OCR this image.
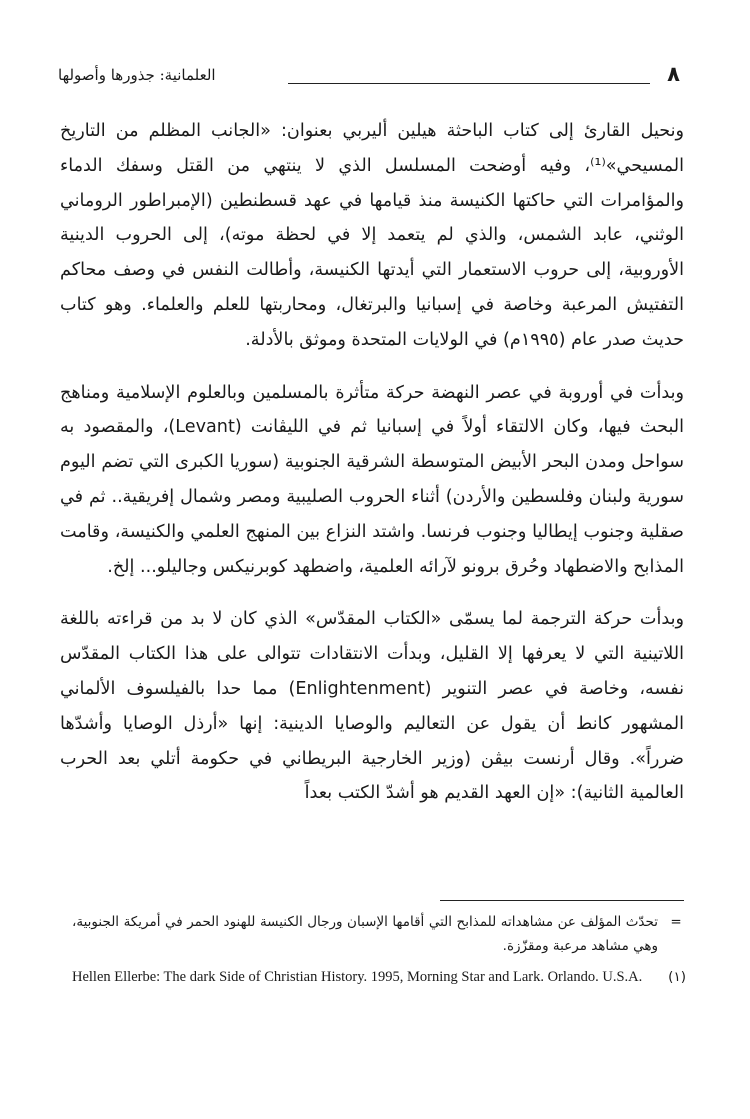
٨
العلمانية: جذورها وأصولها

ونحيل القارئ إلى كتاب الباحثة هيلين أليربي بعنوان: «الجانب المظلم من التاريخ المسيحي»⁽¹⁾، وفيه أوضحت المسلسل الذي لا ينتهي من القتل وسفك الدماء والمؤامرات التي حاكتها الكنيسة منذ قيامها في عهد قسطنطين (الإمبراطور الروماني الوثني، عابد الشمس، والذي لم يتعمد إلا في لحظة موته)، إلى الحروب الدينية الأوروبية، إلى حروب الاستعمار التي أيدتها الكنيسة، وأطالت النفس في وصف محاكم التفتيش المرعبة وخاصة في إسبانيا والبرتغال، ومحاربتها للعلم والعلماء. وهو كتاب حديث صدر عام (١٩٩٥م) في الولايات المتحدة وموثق بالأدلة.

وبدأت في أوروبة في عصر النهضة حركة متأثرة بالمسلمين وبالعلوم الإسلامية ومناهج البحث فيها، وكان الالتقاء أولاً في إسبانيا ثم في الليڤانت (Levant)، والمقصود به سواحل ومدن البحر الأبيض المتوسطة الشرقية الجنوبية (سوريا الكبرى التي تضم اليوم سورية ولبنان وفلسطين والأردن) أثناء الحروب الصليبية ومصر وشمال إفريقية.. ثم في صقلية وجنوب إيطاليا وجنوب فرنسا. واشتد النزاع بين المنهج العلمي والكنيسة، وقامت المذابح والاضطهاد وحُرق برونو لآرائه العلمية، واضطهد كوبرنيكس وجاليلو... إلخ.

وبدأت حركة الترجمة لما يسمّى «الكتاب المقدّس» الذي كان لا بد من قراءته باللغة اللاتينية التي لا يعرفها إلا القليل، وبدأت الانتقادات تتوالى على هذا الكتاب المقدّس نفسه، وخاصة في عصر التنوير (Enlightenment) مما حدا بالفيلسوف الألماني المشهور كانط أن يقول عن التعاليم والوصايا الدينية: إنها «أرذل الوصايا وأشدّها ضرراً». وقال أرنست بيڤن (وزير الخارجية البريطاني في حكومة أتلي بعد الحرب العالمية الثانية): «إن العهد القديم هو أشدّ الكتب بعداً

=
تحدّث المؤلف عن مشاهداته للمذابح التي أقامها الإسبان ورجال الكنيسة للهنود الحمر في أمريكة الجنوبية، وهي مشاهد مرعبة ومقزّزة.
(١)
Hellen Ellerbe: The dark Side of Christian History. 1995, Morning Star and Lark. Orlando. U.S.A.
